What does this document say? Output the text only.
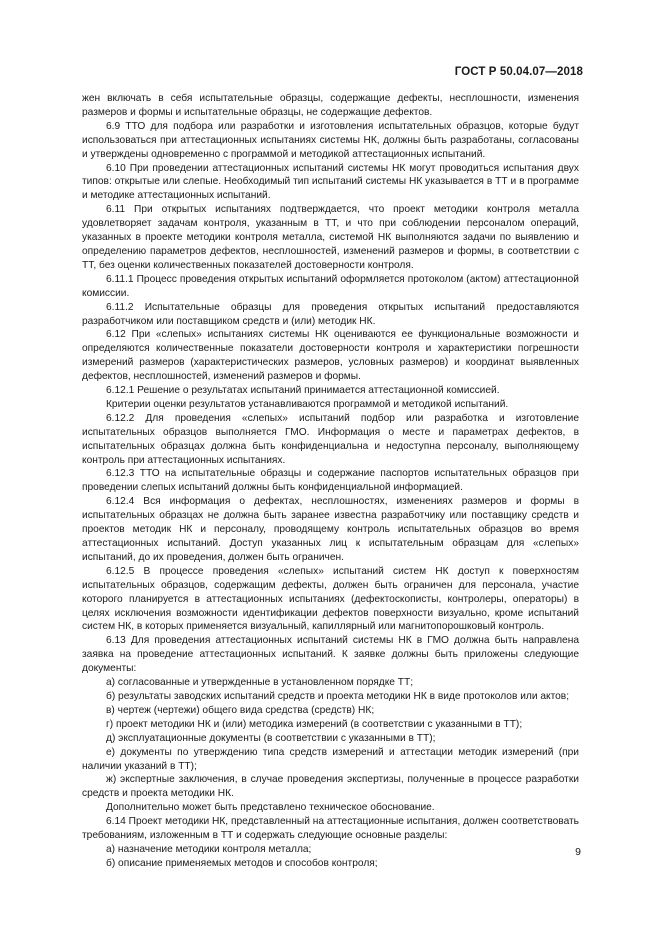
ГОСТ Р 50.04.07—2018

жен включать в себя испытательные образцы, содержащие дефекты, несплошности, изменения размеров и формы и испытательные образцы, не содержащие дефектов.

6.9 ТТО для подбора или разработки и изготовления испытательных образцов, которые будут использоваться при аттестационных испытаниях системы НК, должны быть разработаны, согласованы и утверждены одновременно с программой и методикой аттестационных испытаний.

6.10 При проведении аттестационных испытаний системы НК могут проводиться испытания двух типов: открытые или слепые. Необходимый тип испытаний системы НК указывается в ТТ и в программе и методике аттестационных испытаний.

6.11 При открытых испытаниях подтверждается, что проект методики контроля металла удовлетворяет задачам контроля, указанным в ТТ, и что при соблюдении персоналом операций, указанных в проекте методики контроля металла, системой НК выполняются задачи по выявлению и определению параметров дефектов, несплошностей, изменений размеров и формы, в соответствии с ТТ, без оценки количественных показателей достоверности контроля.

6.11.1 Процесс проведения открытых испытаний оформляется протоколом (актом) аттестационной комиссии.

6.11.2 Испытательные образцы для проведения открытых испытаний предоставляются разработчиком или поставщиком средств и (или) методик НК.

6.12 При «слепых» испытаниях системы НК оцениваются ее функциональные возможности и определяются количественные показатели достоверности контроля и характеристики погрешности измерений размеров (характеристических размеров, условных размеров) и координат выявленных дефектов, несплошностей, изменений размеров и формы.

6.12.1 Решение о результатах испытаний принимается аттестационной комиссией.

Критерии оценки результатов устанавливаются программой и методикой испытаний.

6.12.2 Для проведения «слепых» испытаний подбор или разработка и изготовление испытательных образцов выполняется ГМО. Информация о месте и параметрах дефектов, в испытательных образцах должна быть конфиденциальна и недоступна персоналу, выполняющему контроль при аттестационных испытаниях.

6.12.3 ТТО на испытательные образцы и содержание паспортов испытательных образцов при проведении слепых испытаний должны быть конфиденциальной информацией.

6.12.4 Вся информация о дефектах, несплошностях, изменениях размеров и формы в испытательных образцах не должна быть заранее известна разработчику или поставщику средств и проектов методик НК и персоналу, проводящему контроль испытательных образцов во время аттестационных испытаний. Доступ указанных лиц к испытательным образцам для «слепых» испытаний, до их проведения, должен быть ограничен.

6.12.5 В процессе проведения «слепых» испытаний систем НК доступ к поверхностям испытательных образцов, содержащим дефекты, должен быть ограничен для персонала, участие которого планируется в аттестационных испытаниях (дефектоскописты, контролеры, операторы) в целях исключения возможности идентификации дефектов поверхности визуально, кроме испытаний систем НК, в которых применяется визуальный, капиллярный или магнитопорошковый контроль.

6.13 Для проведения аттестационных испытаний системы НК в ГМО должна быть направлена заявка на проведение аттестационных испытаний. К заявке должны быть приложены следующие документы:

а) согласованные и утвержденные в установленном порядке ТТ;

б) результаты заводских испытаний средств и проекта методики НК в виде протоколов или актов;

в) чертеж (чертежи) общего вида средства (средств) НК;

г) проект методики НК и (или) методика измерений (в соответствии с указанными в ТТ);

д) эксплуатационные документы (в соответствии с указанными в ТТ);

е) документы по утверждению типа средств измерений и аттестации методик измерений (при наличии указаний в ТТ);

ж) экспертные заключения, в случае проведения экспертизы, полученные в процессе разработки средств и проекта методики НК.

Дополнительно может быть представлено техническое обоснование.

6.14 Проект методики НК, представленный на аттестационные испытания, должен соответствовать требованиям, изложенным в ТТ и содержать следующие основные разделы:

а) назначение методики контроля металла;

б) описание применяемых методов и способов контроля;

9
